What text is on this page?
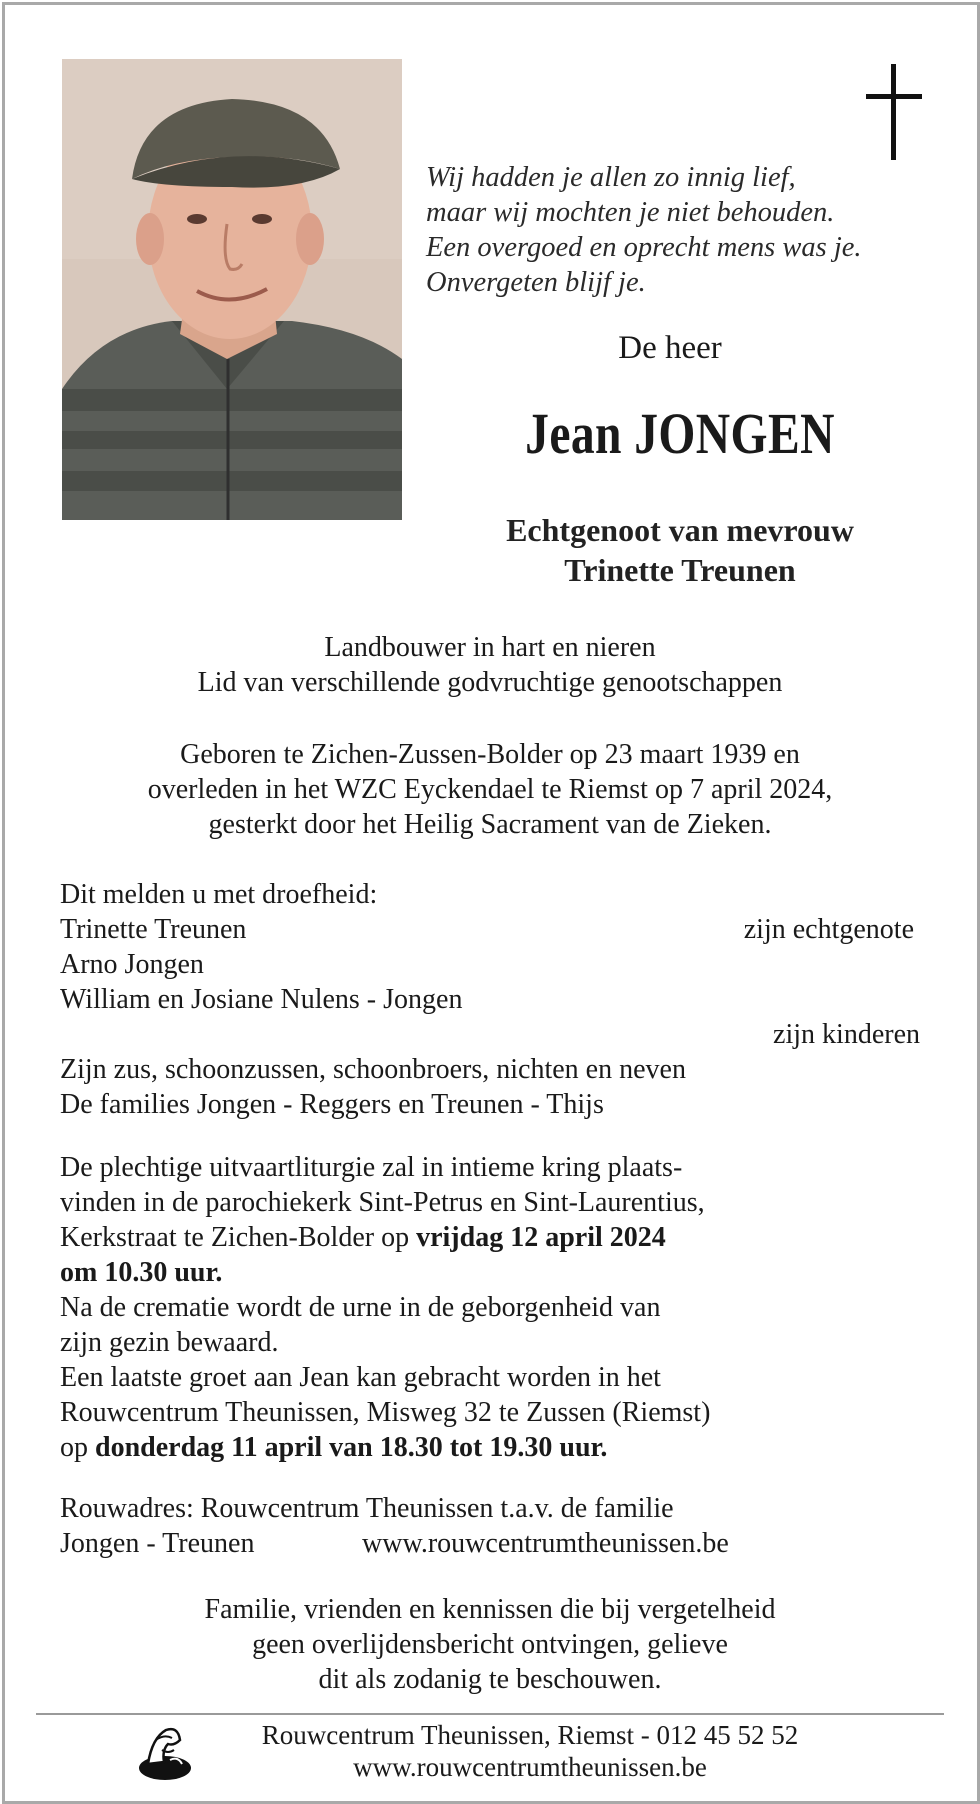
Wij hadden je allen zo innig lief,
maar wij mochten je niet behouden.
Een overgoed en oprecht mens was je.
Onvergeten blijf je.
De heer
Jean JONGEN
Echtgenoot van mevrouw
Trinette Treunen
Landbouwer in hart en nieren
Lid van verschillende godvruchtige genootschappen
Geboren te Zichen-Zussen-Bolder op 23 maart 1939 en
overleden in het WZC Eyckendael te Riemst op 7 april 2024,
gesterkt door het Heilig Sacrament van de Zieken.
Dit melden u met droefheid:
Trinette Treunen	zijn echtgenote
Arno Jongen
William en Josiane Nulens - Jongen
zijn kinderen
Zijn zus, schoonzussen, schoonbroers, nichten en neven
De families Jongen - Reggers en Treunen - Thijs
De plechtige uitvaartliturgie zal in intieme kring plaats-
vinden in de parochiekerk Sint-Petrus en Sint-Laurentius,
Kerkstraat te Zichen-Bolder op vrijdag 12 april 2024
om 10.30 uur.
Na de crematie wordt de urne in de geborgenheid van
zijn gezin bewaard.
Een laatste groet aan Jean kan gebracht worden in het
Rouwcentrum Theunissen, Misweg 32 te Zussen (Riemst)
op donderdag 11 april van 18.30 tot 19.30 uur.
Rouwadres: Rouwcentrum Theunissen t.a.v. de familie
Jongen - Treunen	www.rouwcentrumtheunissen.be
Familie, vrienden en kennissen die bij vergetelheid
geen overlijdensbericht ontvingen, gelieve
dit als zodanig te beschouwen.
Rouwcentrum Theunissen, Riemst - 012 45 52 52
www.rouwcentrumtheunissen.be
